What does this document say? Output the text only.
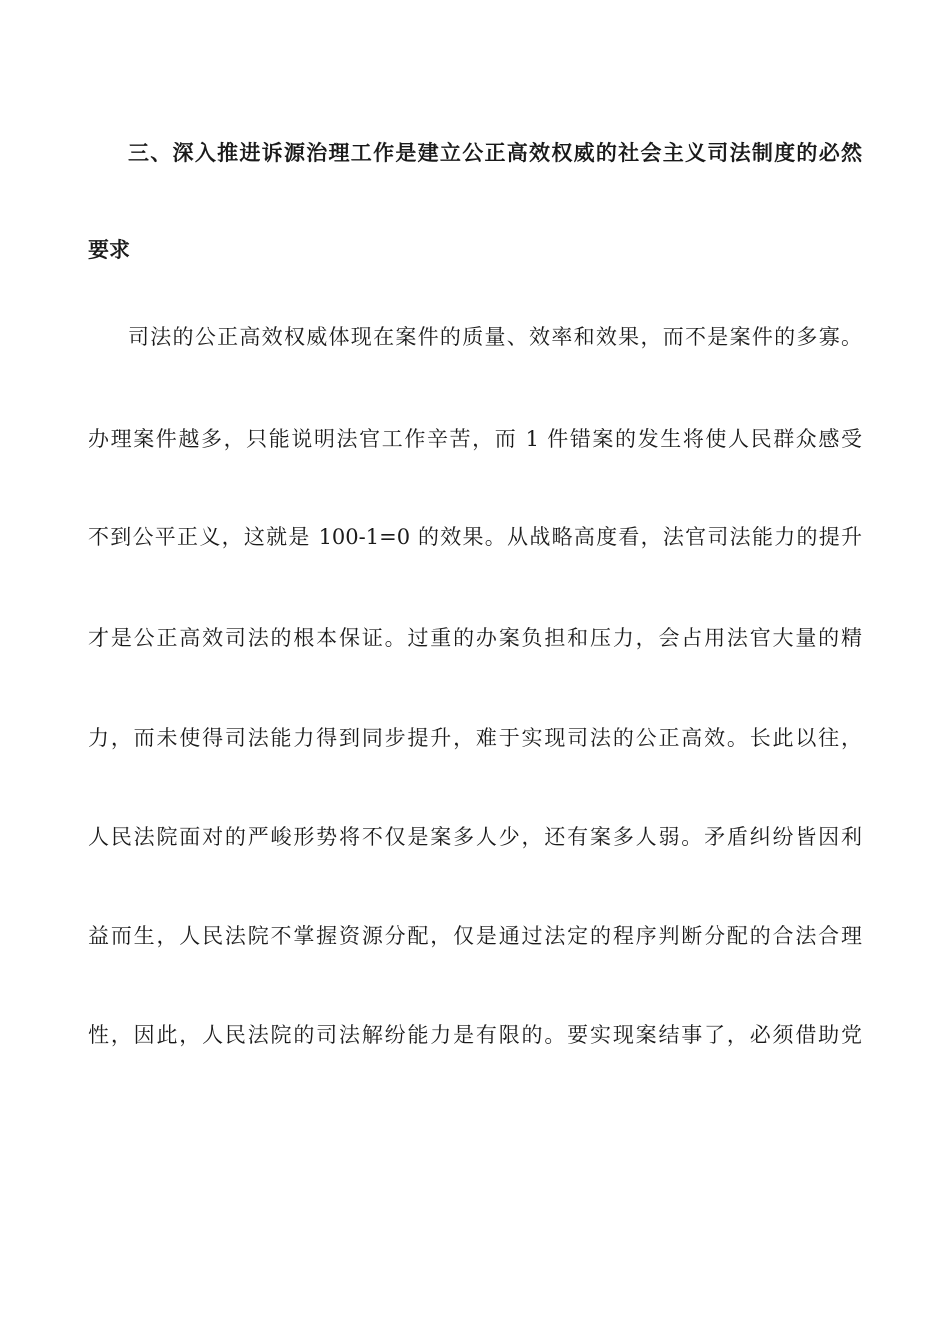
三、深入推进诉源治理工作是建立公正高效权威的社会主义司法制度的必然
要求
司法的公正高效权威体现在案件的质量、效率和效果，而不是案件的多寡。
办理案件越多，只能说明法官工作辛苦，而 1 件错案的发生将使人民群众感受
不到公平正义，这就是 100-1=0 的效果。从战略高度看，法官司法能力的提升
才是公正高效司法的根本保证。过重的办案负担和压力，会占用法官大量的精
力，而未使得司法能力得到同步提升，难于实现司法的公正高效。长此以往，
人民法院面对的严峻形势将不仅是案多人少，还有案多人弱。矛盾纠纷皆因利
益而生，人民法院不掌握资源分配，仅是通过法定的程序判断分配的合法合理
性，因此，人民法院的司法解纷能力是有限的。要实现案结事了，必须借助党
